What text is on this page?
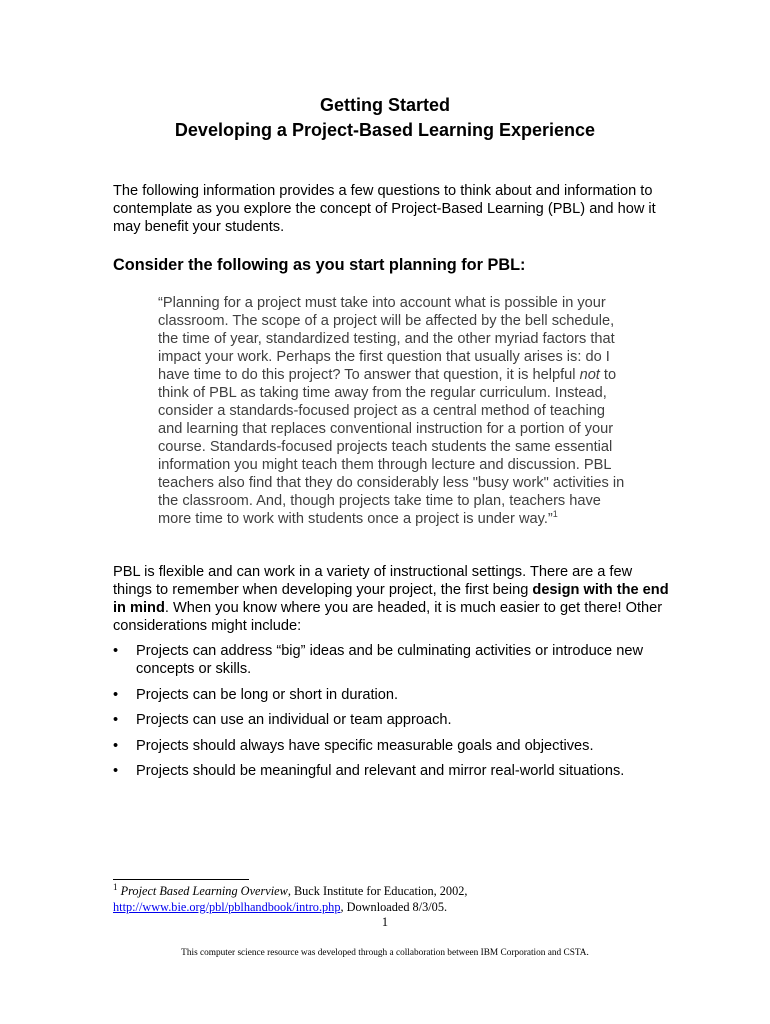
Getting Started
Developing a Project-Based Learning Experience
The following information provides a few questions to think about and information to contemplate as you explore the concept of Project-Based Learning (PBL) and how it may benefit your students.
Consider the following as you start planning for PBL:
“Planning for a project must take into account what is possible in your classroom. The scope of a project will be affected by the bell schedule, the time of year, standardized testing, and the other myriad factors that impact your work. Perhaps the first question that usually arises is: do I have time to do this project? To answer that question, it is helpful not to think of PBL as taking time away from the regular curriculum. Instead, consider a standards-focused project as a central method of teaching and learning that replaces conventional instruction for a portion of your course. Standards-focused projects teach students the same essential information you might teach them through lecture and discussion. PBL teachers also find that they do considerably less "busy work" activities in the classroom. And, though projects take time to plan, teachers have more time to work with students once a project is under way.”$^1$
PBL is flexible and can work in a variety of instructional settings. There are a few things to remember when developing your project, the first being design with the end in mind. When you know where you are headed, it is much easier to get there! Other considerations might include:
• Projects can address “big” ideas and be culminating activities or introduce new concepts or skills.
• Projects can be long or short in duration.
• Projects can use an individual or team approach.
• Projects should always have specific measurable goals and objectives.
• Projects should be meaningful and relevant and mirror real-world situations.
$^1$ Project Based Learning Overview, Buck Institute for Education, 2002,
http://www.bie.org/pbl/pblhandbook/intro.php, Downloaded 8/3/05.
1
This computer science resource was developed through a collaboration between IBM Corporation and CSTA.
